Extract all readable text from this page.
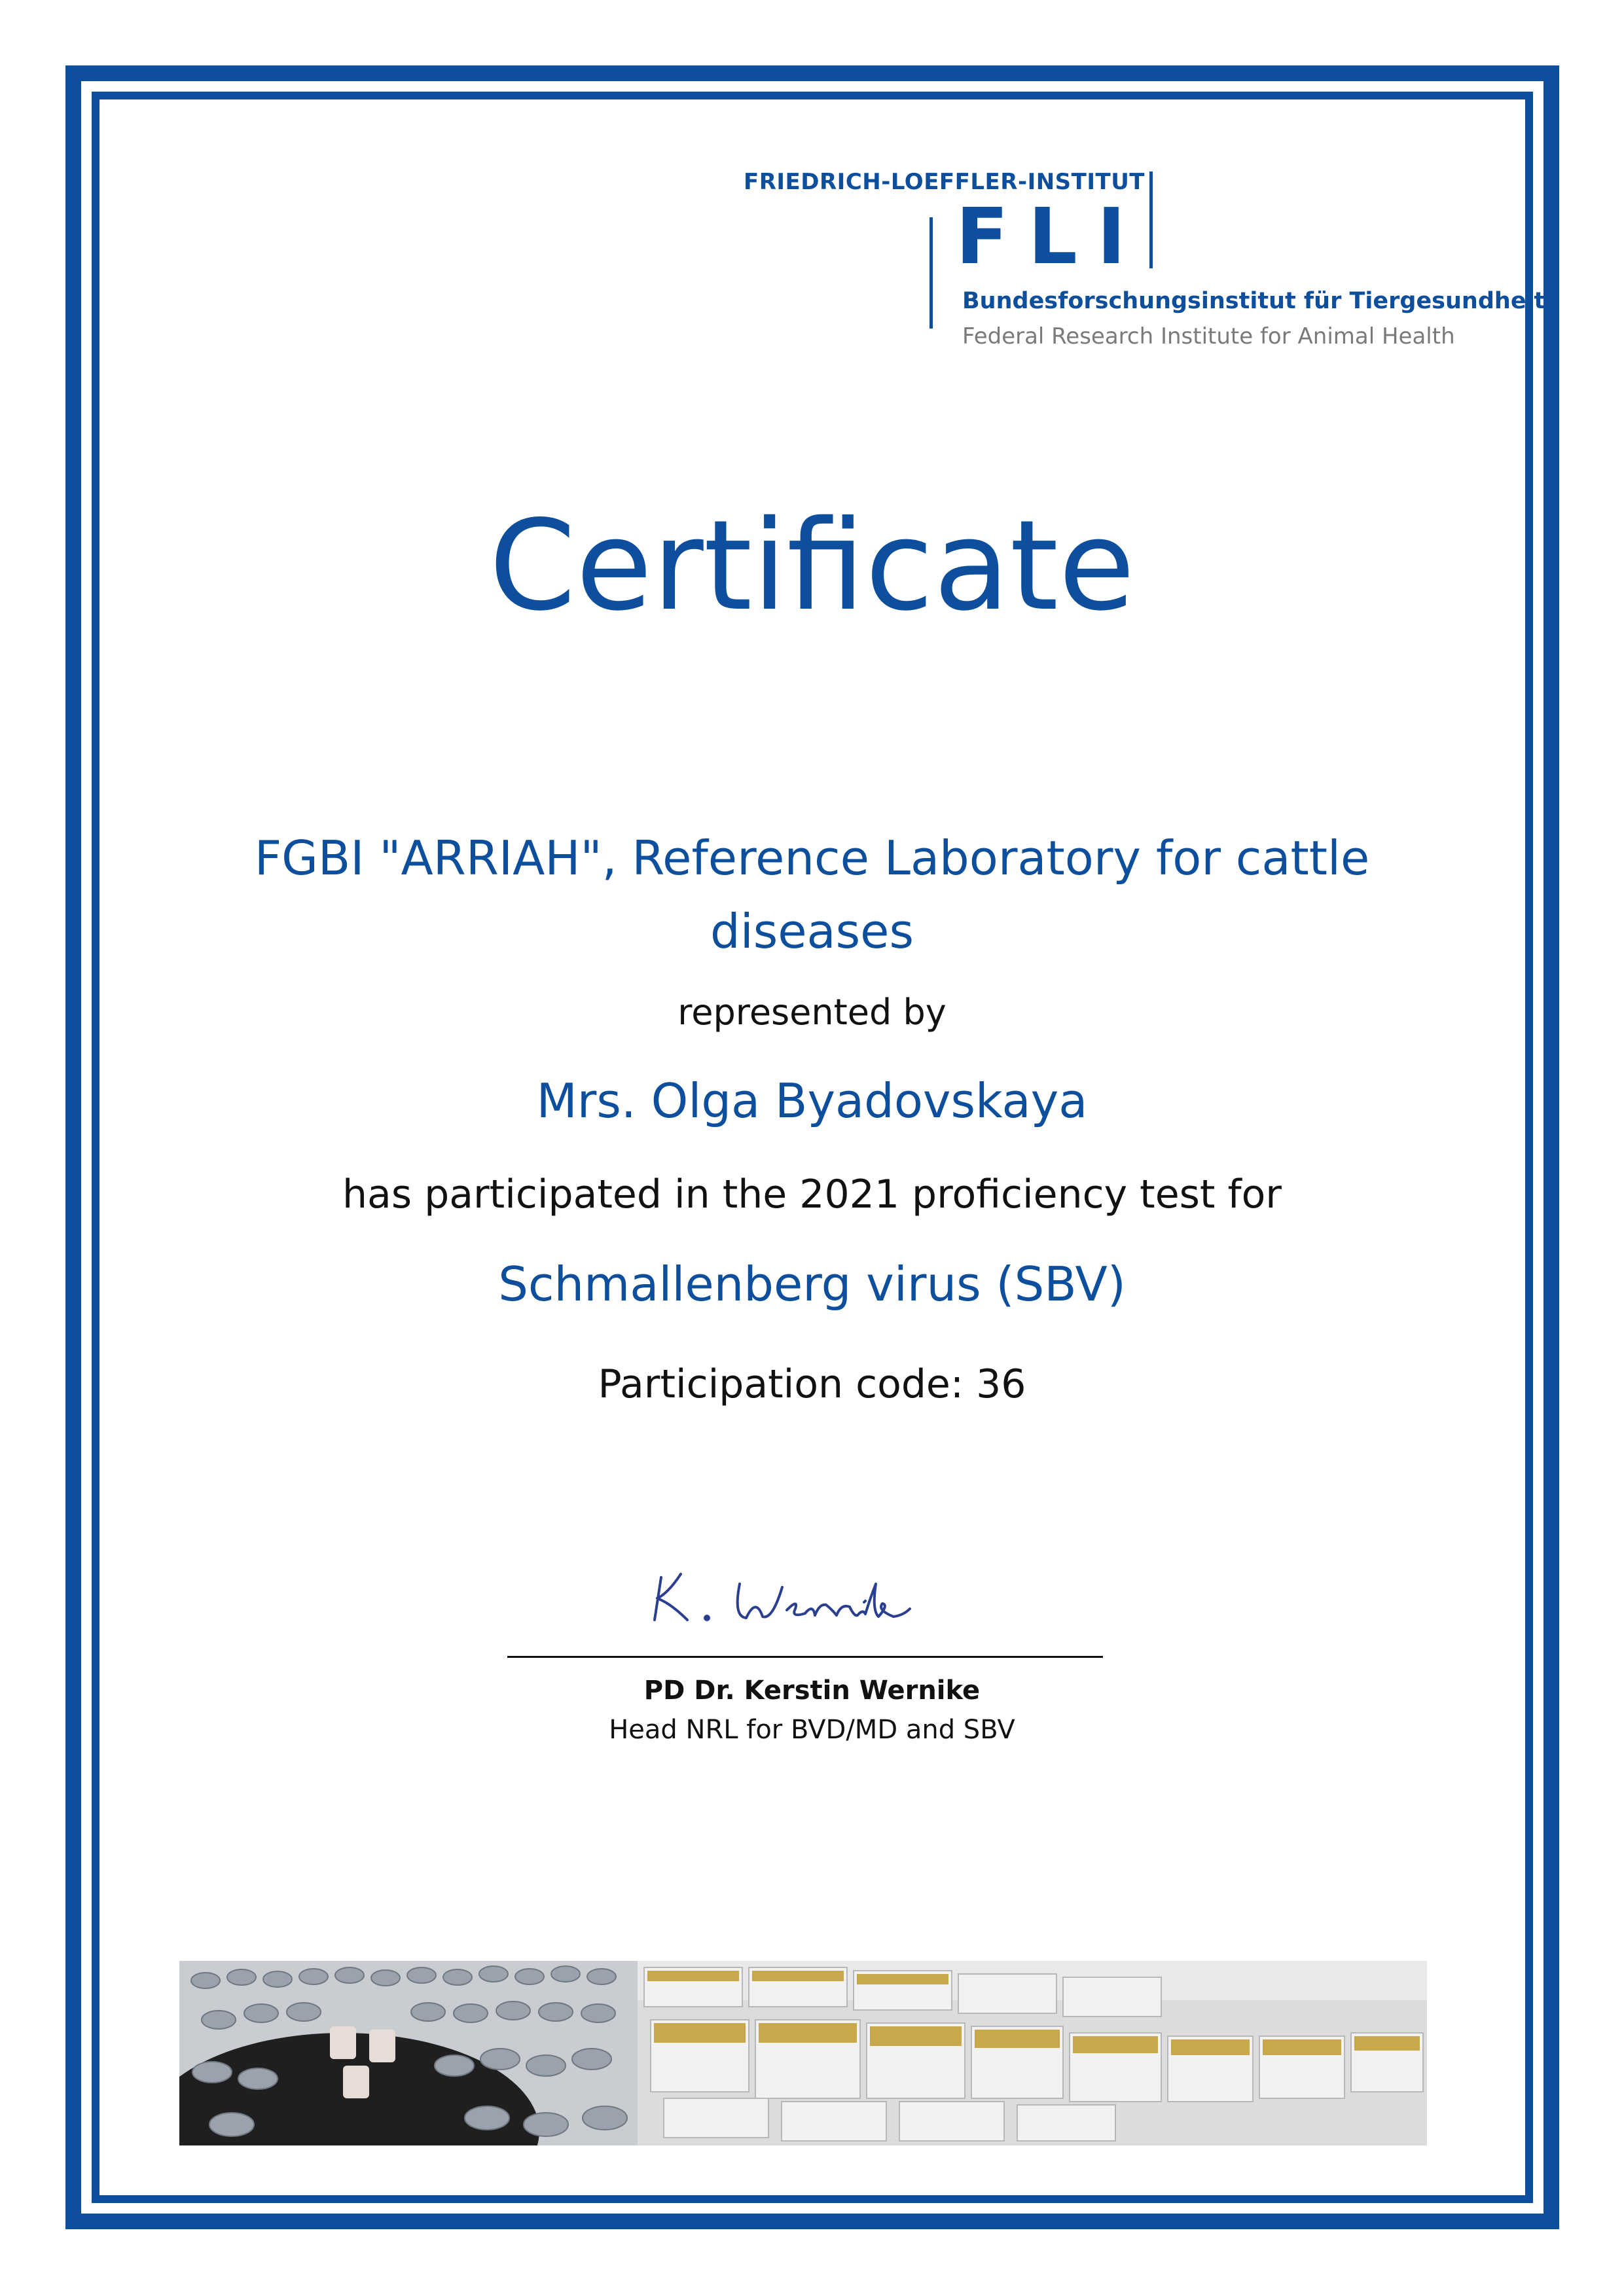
FRIEDRICH-LOEFFLER-INSTITUT
FLI
Bundesforschungsinstitut für Tiergesundheit
Federal Research Institute for Animal Health
Certificate
FGBI "ARRIAH", Reference Laboratory for cattle diseases
represented by
Mrs. Olga Byadovskaya
has participated in the 2021 proficiency test for
Schmallenberg virus (SBV)
Participation code: 36
PD Dr. Kerstin Wernike
Head NRL for BVD/MD and SBV
